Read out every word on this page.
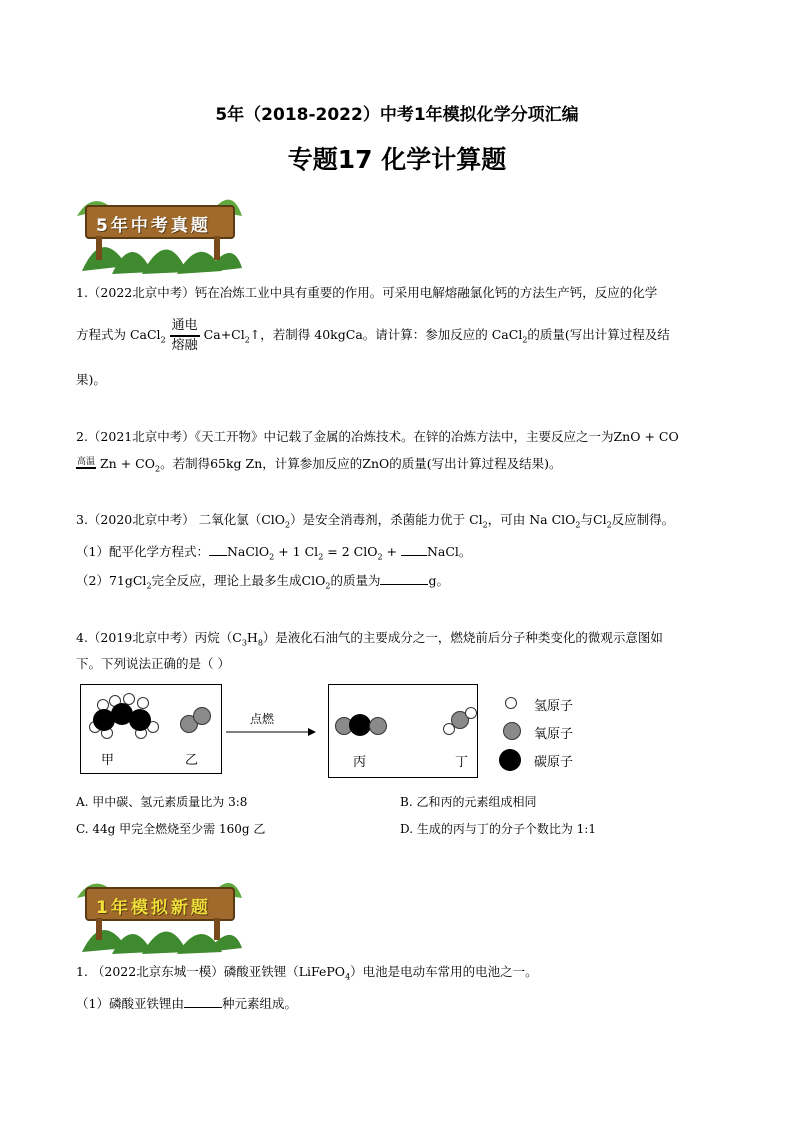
5年（2018-2022）中考1年模拟化学分项汇编
专题17 化学计算题
5年中考真题
1.（2022北京中考）钙在冶炼工业中具有重要的作用。可采用电解熔融氯化钙的方法生产钙，反应的化学
方程式为 CaCl$_2$
通电
熔融
$Ca+Cl_2↑$，若制得 40kgCa。请计算：参加反应的 CaCl$_2$的质量(写出计算过程及结
果)。
2.（2021北京中考）《天工开物》中记载了金属的冶炼技术。在锌的冶炼方法中，主要反应之一为ZnO + CO
高温 $Zn + CO_2$。若制得65kg Zn，计算参加反应的ZnO的质量(写出计算过程及结果)。
3.（2020北京中考） 二氧化氯（ClO$_2$）是安全消毒剂，杀菌能力优于 $Cl_2$，可由 Na ClO$_2$与$Cl_2$反应制得。
（1）配平化学方程式： NaClO$_2$ + 1 $Cl_2 = 2$ ClO$_2$ + NaCl。
（2）71gCl$_2$完全反应，理论上最多生成ClO$_2$的质量为	g。
4.（2019北京中考）丙烷$(C_3H_8)$是液化石油气的主要成分之一，燃烧前后分子种类变化的微观示意图如
下。下列说法正确的是（ ）
甲	乙
点燃
丙	丁
氢原子
氧原子
碳原子
A. 甲中碳、氢元素质量比为 3:8	B. 乙和丙的元素组成相同
C. 44g 甲完全燃烧至少需 160g 乙	D. 生成的丙与丁的分子个数比为 1:1
1年模拟新题
1. （2022北京东城一模）磷酸亚铁锂（LiFePO$_4$）电池是电动车常用的电池之一。
（1）磷酸亚铁锂由	种元素组成。
